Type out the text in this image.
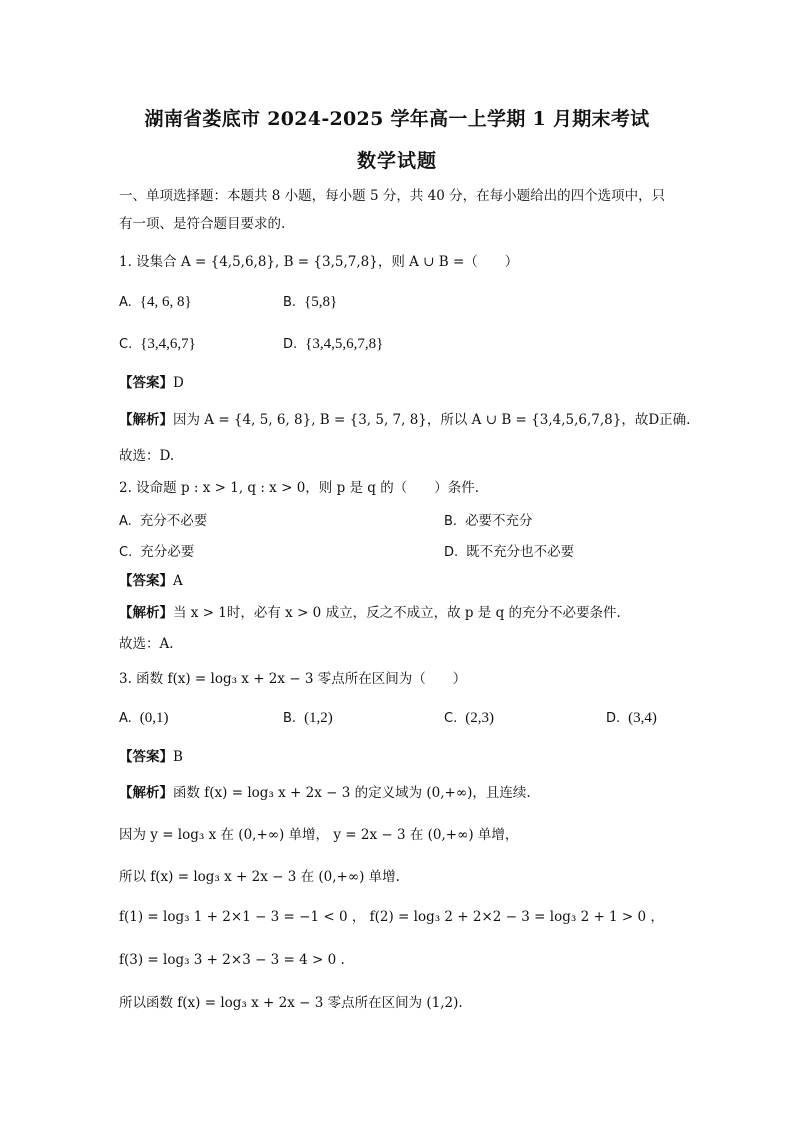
湖南省娄底市 2024-2025 学年高一上学期 1 月期末考试
数学试题
一、单项选择题：本题共 8 小题，每小题 5 分，共 40 分，在每小题给出的四个选项中，只
有一项、是符合题目要求的.
1. 设集合 A = {4,5,6,8}, B = {3,5,7,8}，则 A ∪ B =（　　）
A. {4, 6, 8}	B. {5,8}
C. {3,4,6,7}	D. {3,4,5,6,7,8}
【答案】D
【解析】因为 A = {4, 5, 6, 8}, B = {3, 5, 7, 8}，所以 A ∪ B = {3,4,5,6,7,8}，故D正确.
故选：D.
2. 设命题 p : x > 1, q : x > 0，则 p 是 q 的（　　）条件.
A. 充分不必要	B. 必要不充分
C. 充分必要	D. 既不充分也不必要
【答案】A
【解析】当 x > 1时，必有 x > 0 成立，反之不成立，故 p 是 q 的充分不必要条件.
故选：A.
3. 函数 f(x) = log₃ x + 2x − 3 零点所在区间为（　　）
A. (0,1)	B. (1,2)	C. (2,3)	D. (3,4)
【答案】B
【解析】函数 f(x) = log₃ x + 2x − 3 的定义域为 (0,+∞)，且连续.
因为 y = log₃ x 在 (0,+∞) 单增， y = 2x − 3 在 (0,+∞) 单增，
所以 f(x) = log₃ x + 2x − 3 在 (0,+∞) 单增.
f(1) = log₃ 1 + 2×1 − 3 = −1 < 0 ， f(2) = log₃ 2 + 2×2 − 3 = log₃ 2 + 1 > 0 ，
f(3) = log₃ 3 + 2×3 − 3 = 4 > 0 .
所以函数 f(x) = log₃ x + 2x − 3 零点所在区间为 (1,2).
